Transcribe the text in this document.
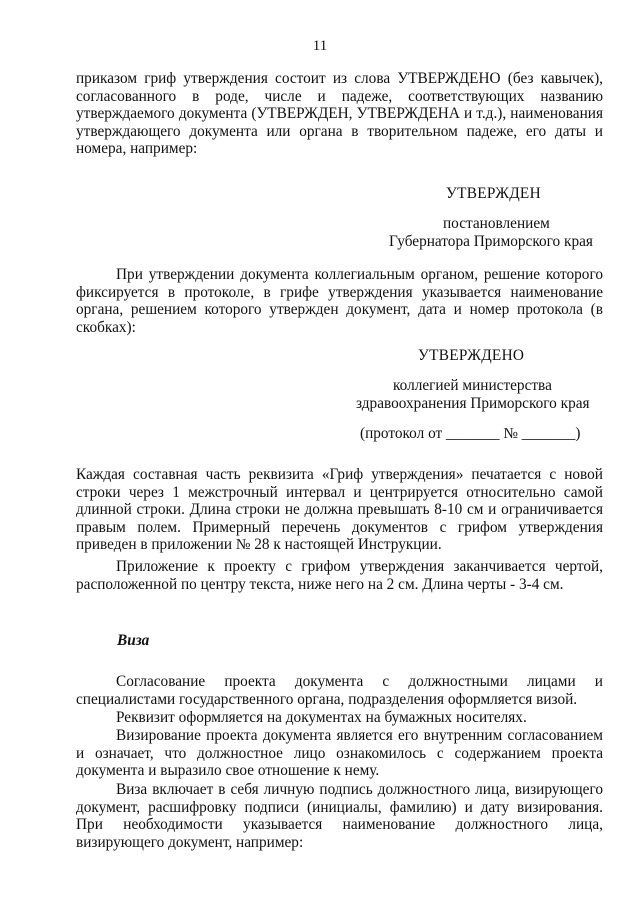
11

приказом гриф утверждения состоит из слова УТВЕРЖДЕНО (без кавычек), согласованного в роде, числе и падеже, соответствующих названию утверждаемого документа (УТВЕРЖДЕН, УТВЕРЖДЕНА и т.д.), наименования утверждающего документа или органа в творительном падеже, его даты и номера, например:

УТВЕРЖДЕН
постановлением
Губернатора Приморского края

При утверждении документа коллегиальным органом, решение которого фиксируется в протоколе, в грифе утверждения указывается наименование органа, решением которого утвержден документ, дата и номер протокола (в скобках):

УТВЕРЖДЕНО
коллегией министерства
здравоохранения Приморского края
(протокол от _______ № _______)

Каждая составная часть реквизита «Гриф утверждения» печатается с новой строки через 1 межстрочный интервал и центрируется относительно самой длинной строки. Длина строки не должна превышать 8-10 см и ограничивается правым полем. Примерный перечень документов с грифом утверждения приведен в приложении № 28 к настоящей Инструкции.

Приложение к проекту с грифом утверждения заканчивается чертой, расположенной по центру текста, ниже него на 2 см. Длина черты - 3-4 см.

Виза

Согласование проекта документа с должностными лицами и специалистами государственного органа, подразделения оформляется визой.

Реквизит оформляется на документах на бумажных носителях.

Визирование проекта документа является его внутренним согласованием и означает, что должностное лицо ознакомилось с содержанием проекта документа и выразило свое отношение к нему.

Виза включает в себя личную подпись должностного лица, визирующего документ, расшифровку подписи (инициалы, фамилию) и дату визирования. При необходимости указывается наименование должностного лица, визирующего документ, например:
